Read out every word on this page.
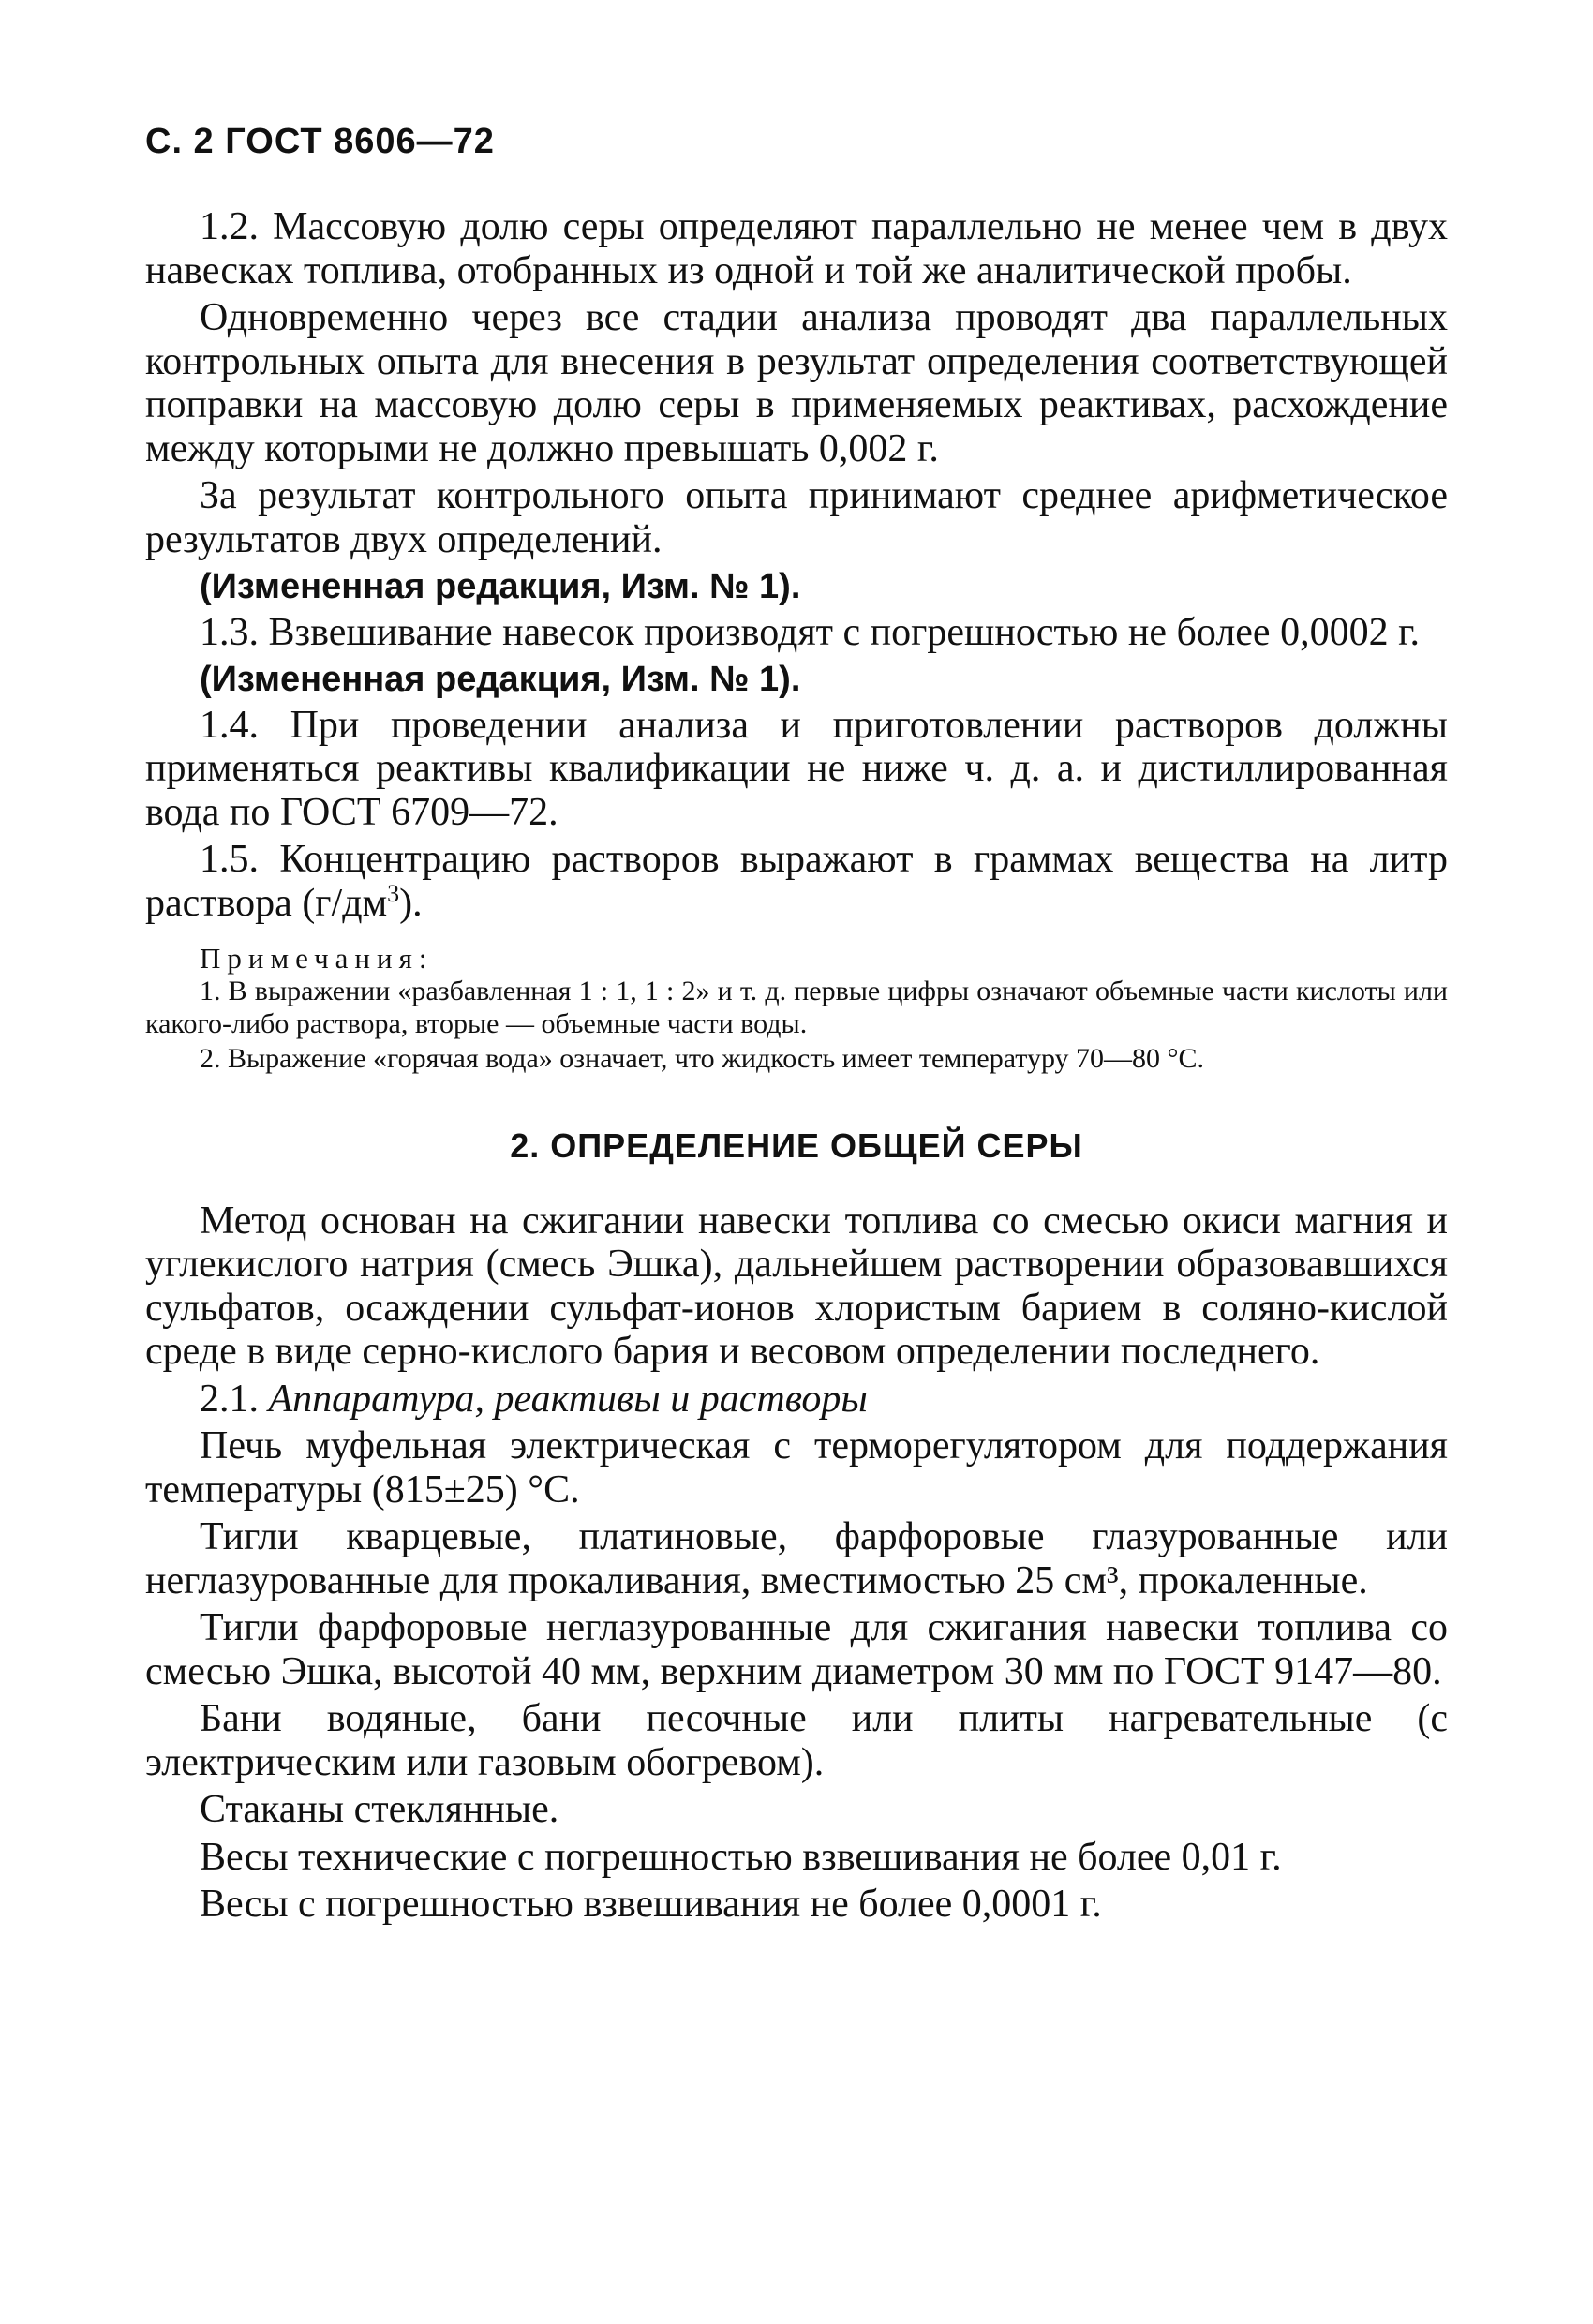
С. 2 ГОСТ 8606—72

1.2. Массовую долю серы определяют параллельно не менее чем в двух навесках топлива, отобранных из одной и той же аналитической пробы.

Одновременно через все стадии анализа проводят два параллельных контрольных опыта для внесения в результат определения соответствующей поправки на массовую долю серы в применяемых реактивах, расхождение между которыми не должно превышать 0,002 г.

За результат контрольного опыта принимают среднее арифметическое результатов двух определений.

(Измененная редакция, Изм. № 1).

1.3. Взвешивание навесок производят с погрешностью не более 0,0002 г.

(Измененная редакция, Изм. № 1).

1.4. При проведении анализа и приготовлении растворов должны применяться реактивы квалификации не ниже ч. д. а. и дистиллированная вода по ГОСТ 6709—72.

1.5. Концентрацию растворов выражают в граммах вещества на литр раствора $(г/дм^3)$.

Примечания:

1. В выражении «разбавленная 1 : 1, 1 : 2» и т. д. первые цифры означают объемные части кислоты или какого-либо раствора, вторые — объемные части воды.

2. Выражение «горячая вода» означает, что жидкость имеет температуру 70—80 °С.

2. ОПРЕДЕЛЕНИЕ ОБЩЕЙ СЕРЫ

Метод основан на сжигании навески топлива со смесью окиси магния и углекислого натрия (смесь Эшка), дальнейшем растворении образовавшихся сульфатов, осаждении сульфат-ионов хлористым барием в соляно-кислой среде в виде серно-кислого бария и весовом определении последнего.

2.1. Аппаратура, реактивы и растворы

Печь муфельная электрическая с терморегулятором для поддержания температуры (815±25) °С.

Тигли кварцевые, платиновые, фарфоровые глазурованные или неглазурованные для прокаливания, вместимостью 25 см³, прокаленные.

Тигли фарфоровые неглазурованные для сжигания навески топлива со смесью Эшка, высотой 40 мм, верхним диаметром 30 мм по ГОСТ 9147—80.

Бани водяные, бани песочные или плиты нагревательные (с электрическим или газовым обогревом).

Стаканы стеклянные.

Весы технические с погрешностью взвешивания не более 0,01 г.

Весы с погрешностью взвешивания не более 0,0001 г.
